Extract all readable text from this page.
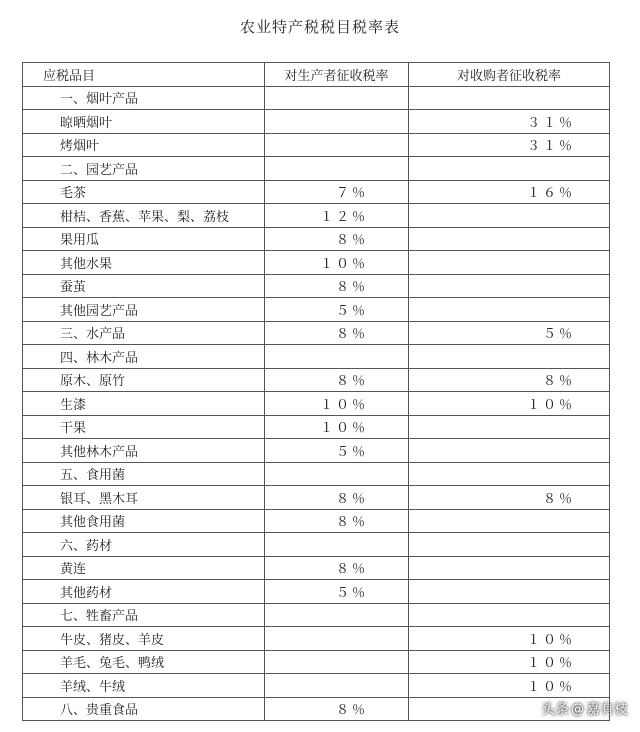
农业特产税税目税率表
应税品目	对生产者征收税率	对收购者征收税率
一、烟叶产品		
晾晒烟叶		３１％
烤烟叶		３１％
二、园艺产品		
毛茶	７％	１６％
柑桔、香蕉、苹果、梨、荔枝	１２％	
果用瓜	８％	
其他水果	１０％	
蚕茧	８％	
其他园艺产品	５％	
三、水产品	８％	５％
四、林木产品		
原木、原竹	８％	８％
生漆	１０％	１０％
干果	１０％	
其他林木产品	５％	
五、食用菌		
银耳、黑木耳	８％	８％
其他食用菌	８％	
六、药材		
黄连	８％	
其他药材	５％	
七、牲畜产品		
牛皮、猪皮、羊皮		１０％
羊毛、兔毛、鸭绒		１０％
羊绒、牛绒		１０％
八、贵重食品	８％		头条 @ 嘉有枝
